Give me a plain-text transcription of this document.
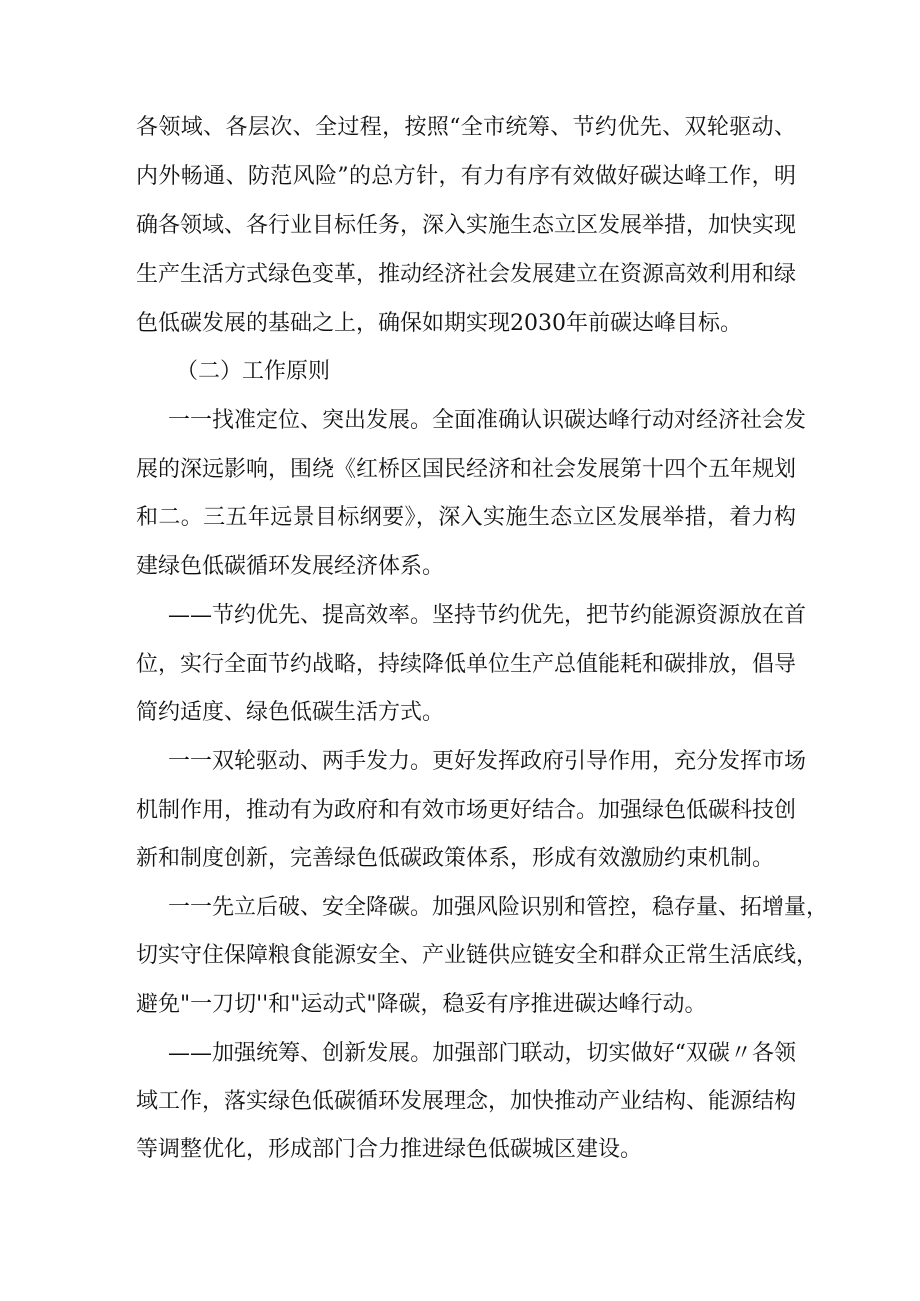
各领域、各层次、全过程，按照“全市统筹、节约优先、双轮驱动、

内外畅通、防范风险”的总方针，有力有序有效做好碳达峰工作，明

确各领域、各行业目标任务，深入实施生态立区发展举措，加快实现

生产生活方式绿色变革，推动经济社会发展建立在资源高效利用和绿

色低碳发展的基础之上，确保如期实现2030年前碳达峰目标。

（二）工作原则

一一找准定位、突出发展。全面准确认识碳达峰行动对经济社会发

展的深远影响，围绕《红桥区国民经济和社会发展第十四个五年规划

和二。三五年远景目标纲要》，深入实施生态立区发展举措，着力构

建绿色低碳循环发展经济体系。

——节约优先、提高效率。坚持节约优先，把节约能源资源放在首

位，实行全面节约战略，持续降低单位生产总值能耗和碳排放，倡导

简约适度、绿色低碳生活方式。

一一双轮驱动、两手发力。更好发挥政府引导作用，充分发挥市场

机制作用，推动有为政府和有效市场更好结合。加强绿色低碳科技创

新和制度创新，完善绿色低碳政策体系，形成有效激励约束机制。

一一先立后破、安全降碳。加强风险识别和管控，稳存量、拓增量，

切实守住保障粮食能源安全、产业链供应链安全和群众正常生活底线，

避免"一刀切''和"运动式"降碳，稳妥有序推进碳达峰行动。

——加强统筹、创新发展。加强部门联动，切实做好“双碳〃各领

域工作，落实绿色低碳循环发展理念，加快推动产业结构、能源结构

等调整优化，形成部门合力推进绿色低碳城区建设。
